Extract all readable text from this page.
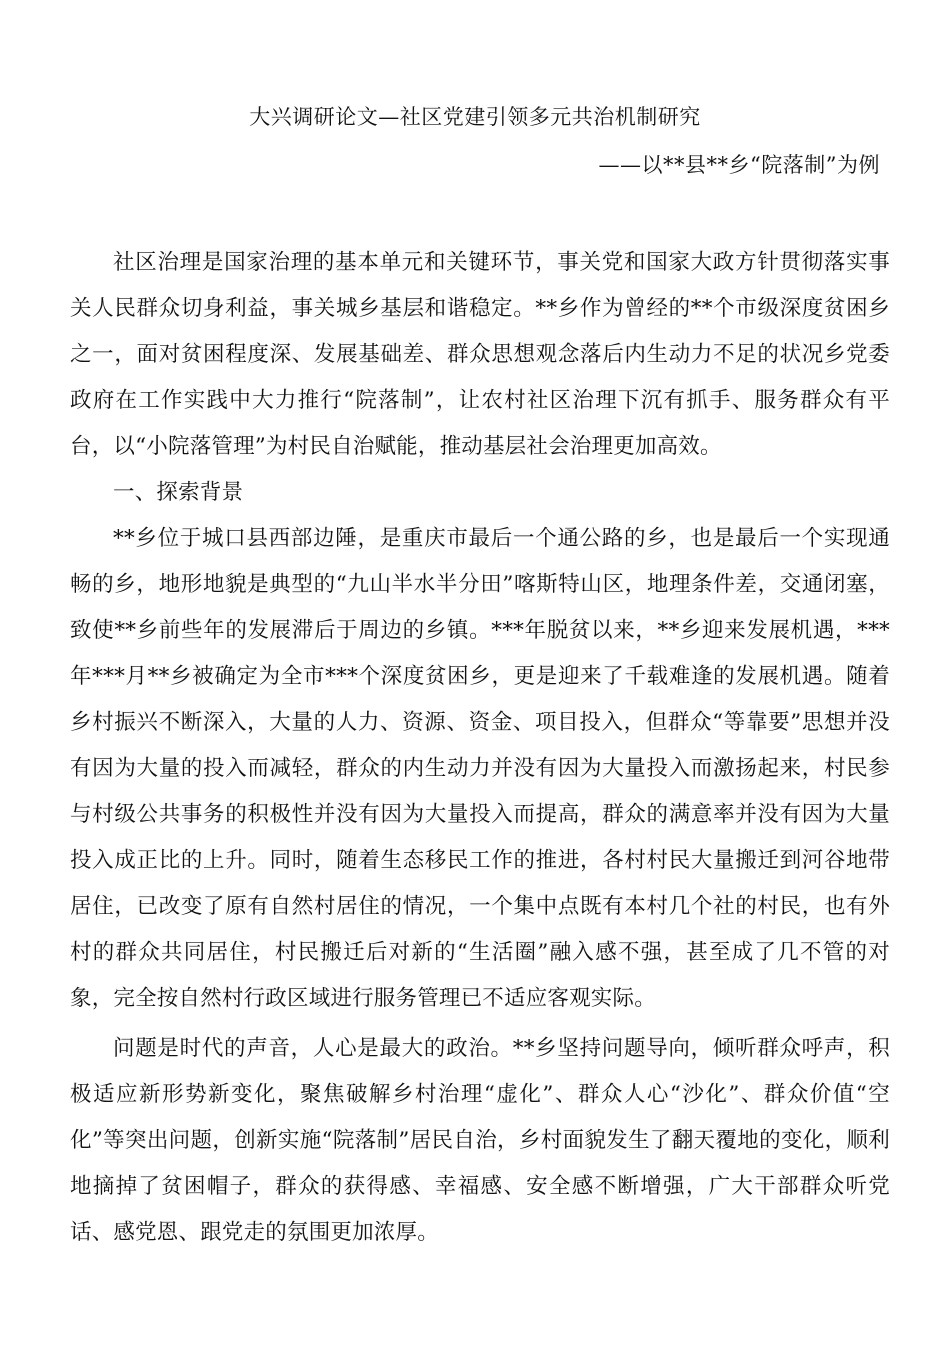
大兴调研论文—社区党建引领多元共治机制研究
——以**县**乡“院落制”为例

社区治理是国家治理的基本单元和关键环节，事关党和国家大政方针贯彻落实事关人民群众切身利益，事关城乡基层和谐稳定。**乡作为曾经的**个市级深度贫困乡之一，面对贫困程度深、发展基础差、群众思想观念落后内生动力不足的状况乡党委政府在工作实践中大力推行“院落制”，让农村社区治理下沉有抓手、服务群众有平台，以“小院落管理”为村民自治赋能，推动基层社会治理更加高效。

一、探索背景

**乡位于城口县西部边陲，是重庆市最后一个通公路的乡，也是最后一个实现通畅的乡，地形地貌是典型的“九山半水半分田”喀斯特山区，地理条件差，交通闭塞，致使**乡前些年的发展滞后于周边的乡镇。***年脱贫以来，**乡迎来发展机遇，***年***月**乡被确定为全市***个深度贫困乡，更是迎来了千载难逢的发展机遇。随着乡村振兴不断深入，大量的人力、资源、资金、项目投入，但群众“等靠要”思想并没有因为大量的投入而减轻，群众的内生动力并没有因为大量投入而激扬起来，村民参与村级公共事务的积极性并没有因为大量投入而提高，群众的满意率并没有因为大量投入成正比的上升。同时，随着生态移民工作的推进，各村村民大量搬迁到河谷地带居住，已改变了原有自然村居住的情况，一个集中点既有本村几个社的村民，也有外村的群众共同居住，村民搬迁后对新的“生活圈”融入感不强，甚至成了几不管的对象，完全按自然村行政区域进行服务管理已不适应客观实际。

问题是时代的声音，人心是最大的政治。**乡坚持问题导向，倾听群众呼声，积极适应新形势新变化，聚焦破解乡村治理“虚化”、群众人心“沙化”、群众价值“空化”等突出问题，创新实施“院落制”居民自治，乡村面貌发生了翻天覆地的变化，顺利地摘掉了贫困帽子，群众的获得感、幸福感、安全感不断增强，广大干部群众听党话、感党恩、跟党走的氛围更加浓厚。
